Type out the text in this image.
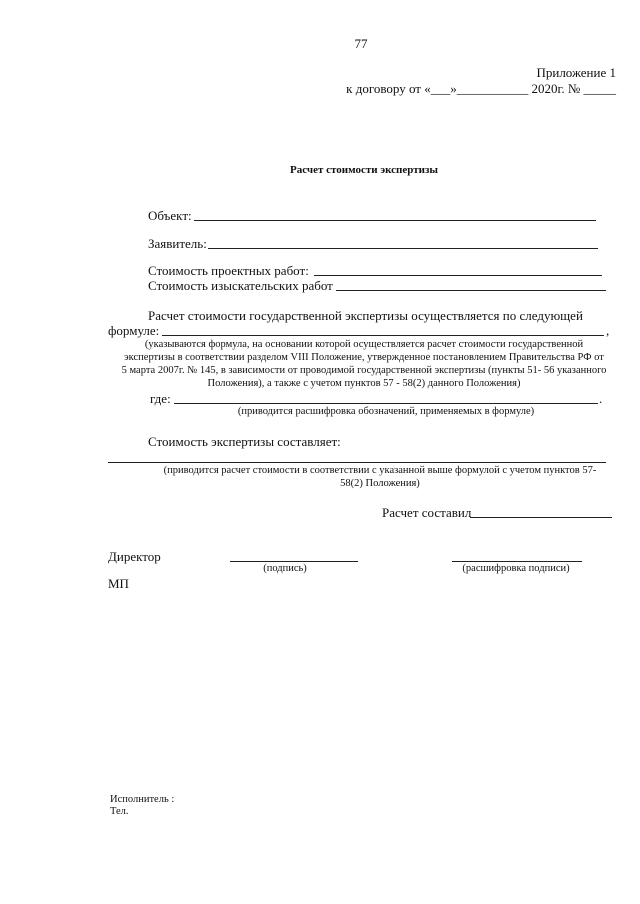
77
Приложение 1
к договору от «___»___________ 2020г. № _____
Расчет стоимости экспертизы
Объект:
Заявитель:
Стоимость проектных работ:
Стоимость изыскательских работ
Расчет стоимости государственной экспертизы осуществляется по следующей
формуле:	,
(указываются формула, на основании которой осуществляется расчет стоимости государственной
экспертизы в соответствии разделом VIII Положение, утвержденное постановлением Правительства РФ от
5 марта 2007г. № 145, в зависимости от проводимой государственной экспертизы (пункты 51- 56 указанного
Положения), а также с учетом пунктов 57 - 58(2) данного Положения)
где:	.
(приводится расшифровка обозначений, применяемых в формуле)
Стоимость экспертизы составляет:
(приводится расчет стоимости в соответствии с указанной выше формулой с учетом пунктов 57-
58(2) Положения)
Расчет составил
Директор
(подпись)	(расшифровка подписи)
МП
Исполнитель :
Тел.
